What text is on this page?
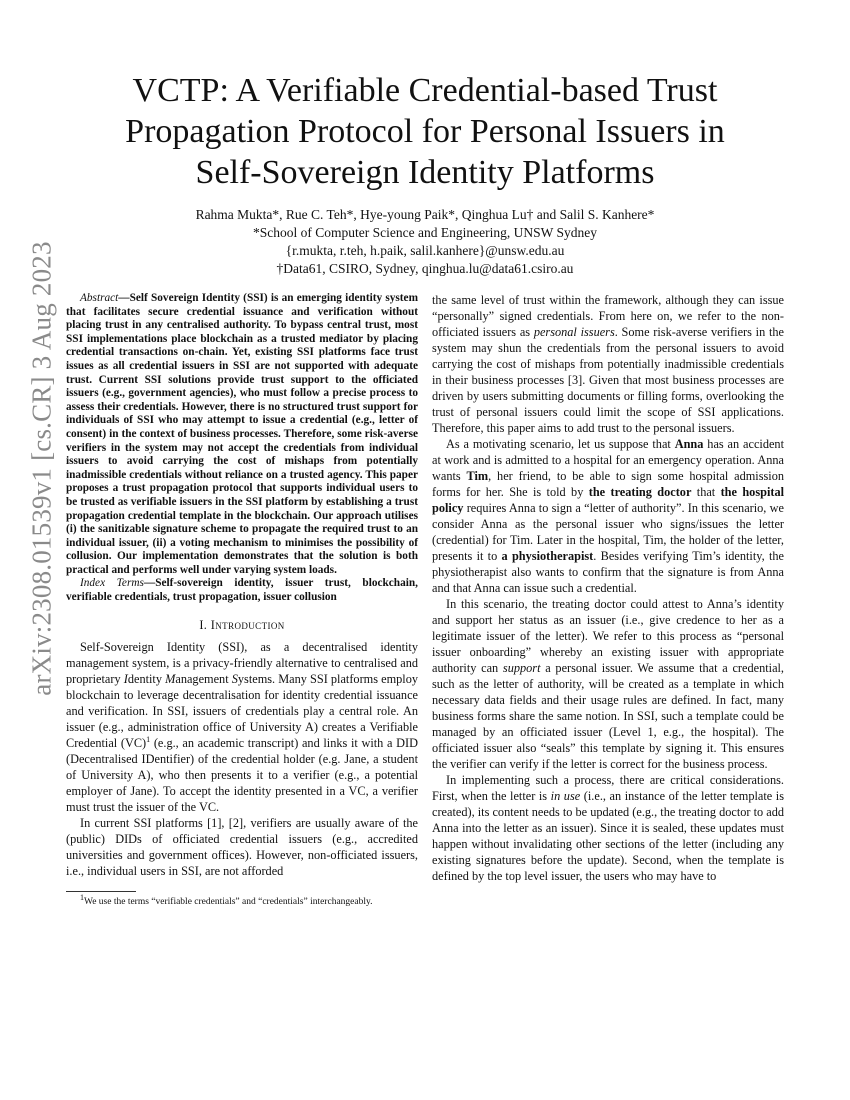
arXiv:2308.01539v1 [cs.CR] 3 Aug 2023
VCTP: A Verifiable Credential-based Trust Propagation Protocol for Personal Issuers in Self-Sovereign Identity Platforms
Rahma Mukta*, Rue C. Teh*, Hye-young Paik*, Qinghua Lu† and Salil S. Kanhere*
*School of Computer Science and Engineering, UNSW Sydney
{r.mukta, r.teh, h.paik, salil.kanhere}@unsw.edu.au
†Data61, CSIRO, Sydney, qinghua.lu@data61.csiro.au

Abstract—Self Sovereign Identity (SSI) is an emerging identity system that facilitates secure credential issuance and verification without placing trust in any centralised authority. To bypass central trust, most SSI implementations place blockchain as a trusted mediator by placing credential transactions on-chain. Yet, existing SSI platforms face trust issues as all credential issuers in SSI are not supported with adequate trust. Current SSI solutions provide trust support to the officiated issuers (e.g., government agencies), who must follow a precise process to assess their credentials. However, there is no structured trust support for individuals of SSI who may attempt to issue a credential (e.g., letter of consent) in the context of business processes. Therefore, some risk-averse verifiers in the system may not accept the credentials from individual issuers to avoid carrying the cost of mishaps from potentially inadmissible credentials without reliance on a trusted agency. This paper proposes a trust propagation protocol that supports individual users to be trusted as verifiable issuers in the SSI platform by establishing a trust propagation credential template in the blockchain. Our approach utilises (i) the sanitizable signature scheme to propagate the required trust to an individual issuer, (ii) a voting mechanism to minimises the possibility of collusion. Our implementation demonstrates that the solution is both practical and performs well under varying system loads.

Index Terms—Self-sovereign identity, issuer trust, blockchain, verifiable credentials, trust propagation, issuer collusion

I. Introduction

Self-Sovereign Identity (SSI), as a decentralised identity management system, is a privacy-friendly alternative to centralised and proprietary Identity Management Systems. Many SSI platforms employ blockchain to leverage decentralisation for identity credential issuance and verification. In SSI, issuers of credentials play a central role. An issuer (e.g., administration office of University A) creates a Verifiable Credential (VC)$^1$ (e.g., an academic transcript) and links it with a DID (Decentralised IDentifier) of the credential holder (e.g. Jane, a student of University A), who then presents it to a verifier (e.g., a potential employer of Jane). To accept the identity presented in a VC, a verifier must trust the issuer of the VC.

In current SSI platforms [1], [2], verifiers are usually aware of the (public) DIDs of officiated credential issuers (e.g., accredited universities and government offices). However, non-officiated issuers, i.e., individual users in SSI, are not afforded

$^1$We use the terms “verifiable credentials” and “credentials” interchangeably.

the same level of trust within the framework, although they can issue “personally” signed credentials. From here on, we refer to the non-officiated issuers as personal issuers. Some risk-averse verifiers in the system may shun the credentials from the personal issuers to avoid carrying the cost of mishaps from potentially inadmissible credentials in their business processes [3]. Given that most business processes are driven by users submitting documents or filling forms, overlooking the trust of personal issuers could limit the scope of SSI applications. Therefore, this paper aims to add trust to the personal issuers.

As a motivating scenario, let us suppose that Anna has an accident at work and is admitted to a hospital for an emergency operation. Anna wants Tim, her friend, to be able to sign some hospital admission forms for her. She is told by the treating doctor that the hospital policy requires Anna to sign a “letter of authority”. In this scenario, we consider Anna as the personal issuer who signs/issues the letter (credential) for Tim. Later in the hospital, Tim, the holder of the letter, presents it to a physiotherapist. Besides verifying Tim’s identity, the physiotherapist also wants to confirm that the signature is from Anna and that Anna can issue such a credential.

In this scenario, the treating doctor could attest to Anna’s identity and support her status as an issuer (i.e., give credence to her as a legitimate issuer of the letter). We refer to this process as “personal issuer onboarding” whereby an existing issuer with appropriate authority can support a personal issuer. We assume that a credential, such as the letter of authority, will be created as a template in which necessary data fields and their usage rules are defined. In fact, many business forms share the same notion. In SSI, such a template could be managed by an officiated issuer (Level 1, e.g., the hospital). The officiated issuer also “seals” this template by signing it. This ensures the verifier can verify if the letter is correct for the business process.

In implementing such a process, there are critical considerations. First, when the letter is in use (i.e., an instance of the letter template is created), its content needs to be updated (e.g., the treating doctor to add Anna into the letter as an issuer). Since it is sealed, these updates must happen without invalidating other sections of the letter (including any existing signatures before the update). Second, when the template is defined by the top level issuer, the users who may have to
